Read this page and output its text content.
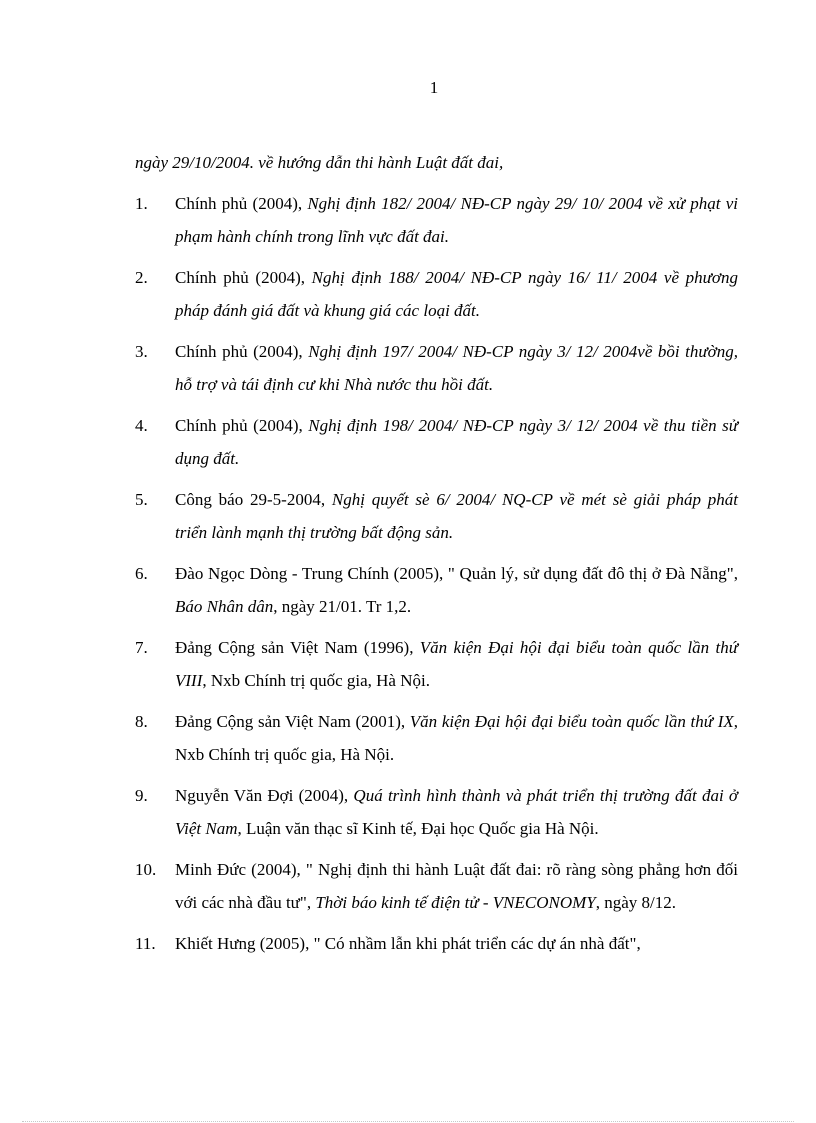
1

ngày 29/10/2004. về hướng dẫn thi hành Luật đất đai,

1.	Chính phủ (2004), Nghị định 182/ 2004/ NĐ-CP ngày 29/ 10/ 2004 về xử phạt vi phạm hành chính trong lĩnh vực đất đai.
2.	Chính phủ (2004), Nghị định 188/ 2004/ NĐ-CP ngày 16/ 11/ 2004 về phương pháp đánh giá đất và khung giá các loại đất.
3.	Chính phủ (2004), Nghị định 197/ 2004/ NĐ-CP ngày 3/ 12/ 2004về bồi thường, hỗ trợ và tái định cư khi Nhà nước thu hồi đất.
4.	Chính phủ (2004), Nghị định 198/ 2004/ NĐ-CP ngày 3/ 12/ 2004 về thu tiền sử dụng đất.
5.	Công báo 29-5-2004, Nghị quyết sè 6/ 2004/ NQ-CP về mét sè giải pháp phát triển lành mạnh thị trường bất động sản.
6.	Đào Ngọc Dòng - Trung Chính (2005), " Quản lý, sử dụng đất đô thị ở Đà Nẵng", Báo Nhân dân, ngày 21/01. Tr 1,2.
7.	Đảng Cộng sản Việt Nam (1996), Văn kiện Đại hội đại biểu toàn quốc lần thứ VIII, Nxb Chính trị quốc gia, Hà Nội.
8.	Đảng Cộng sản Việt Nam (2001), Văn kiện Đại hội đại biểu toàn quốc lần thứ IX, Nxb Chính trị quốc gia, Hà Nội.
9.	Nguyễn Văn Đợi (2004), Quá trình hình thành và phát triển thị trường đất đai ở Việt Nam, Luận văn thạc sĩ Kinh tế, Đại học Quốc gia Hà Nội.
10.	Minh Đức (2004), " Nghị định thi hành Luật đất đai: rõ ràng sòng phẳng hơn đối với các nhà đầu tư", Thời báo kinh tế điện tử - VNECONOMY, ngày 8/12.
11.	Khiết Hưng (2005), " Có nhầm lẫn khi phát triển các dự án nhà đất",
